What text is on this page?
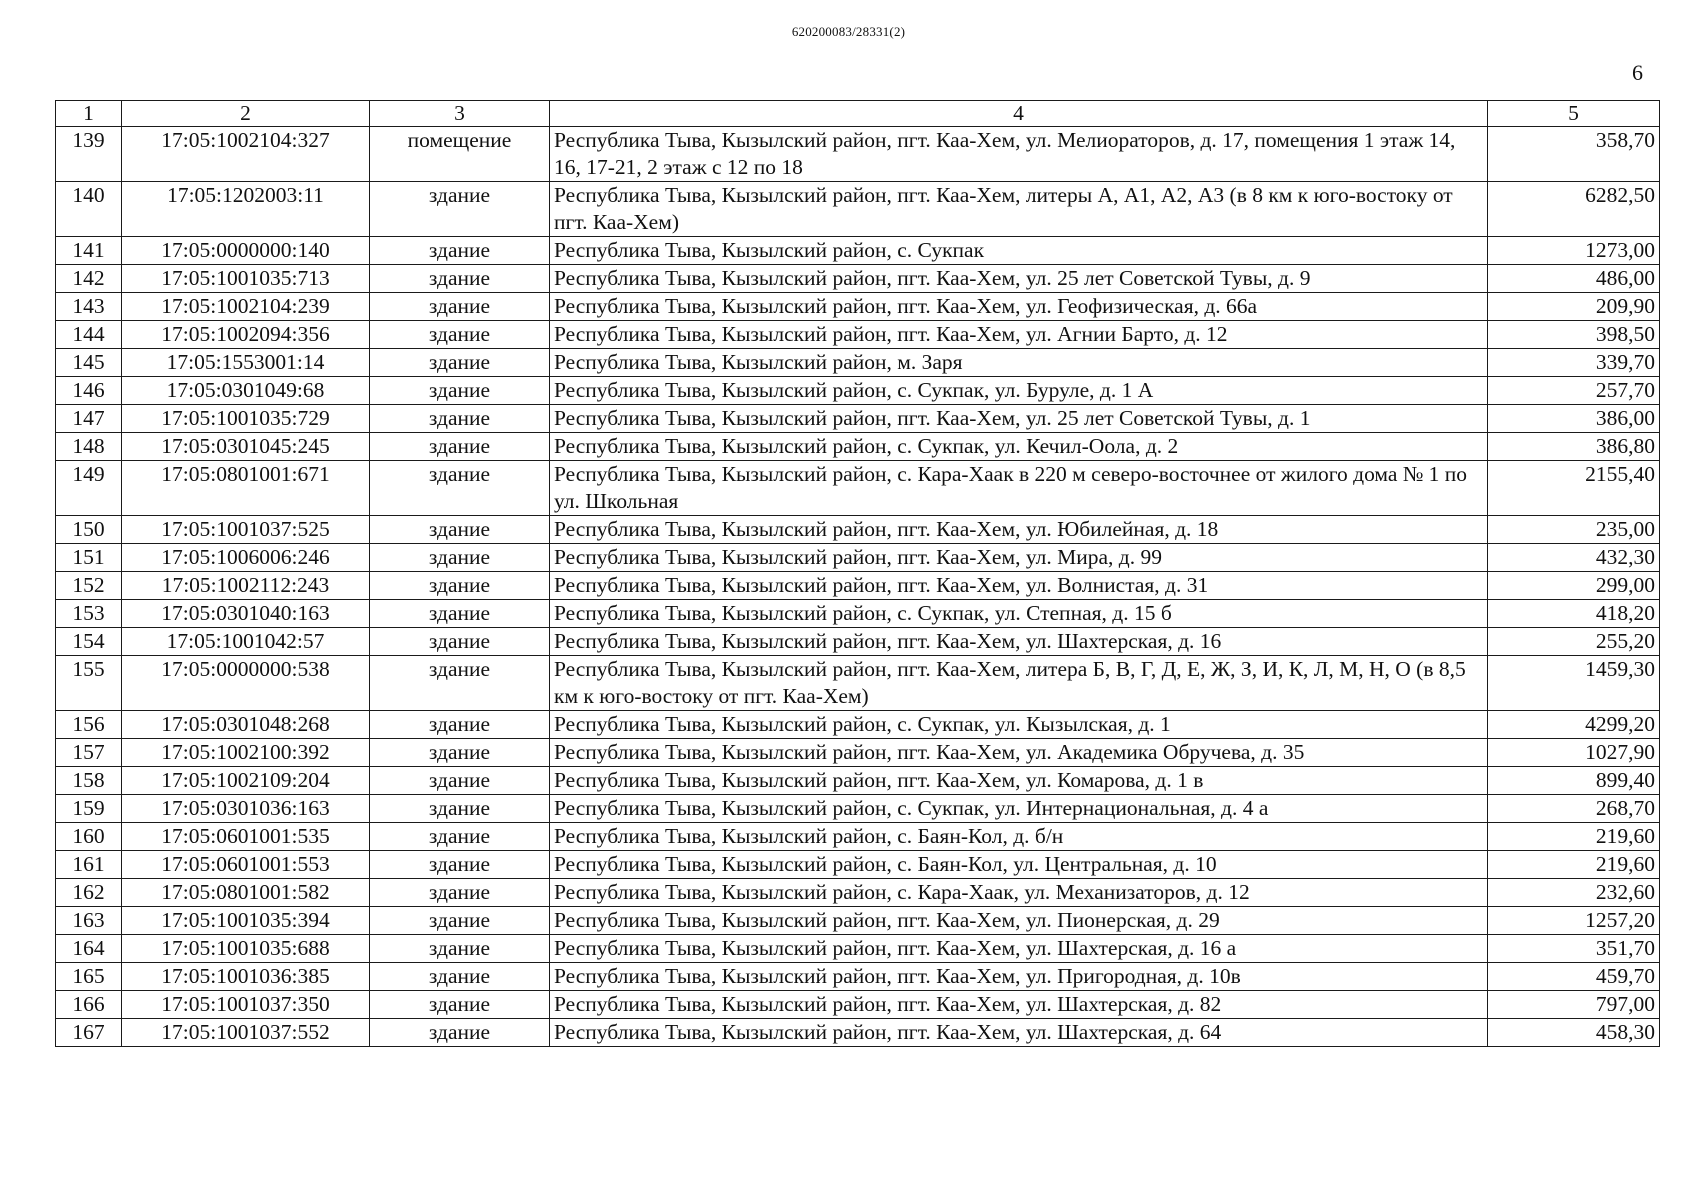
620200083/28331(2)
6
1	2	3	4	5

139	17:05:1002104:327	помещение	Республика Тыва, Кызылский район, пгт. Каа-Хем, ул. Мелиораторов, д. 17, помещения 1 этаж 14, 16, 17-21, 2 этаж с 12 по 18	358,70

140	17:05:1202003:11	здание	Республика Тыва, Кызылский район, пгт. Каа-Хем, литеры А, А1, А2, А3 (в 8 км к юго-востоку от пгт. Каа-Хем)	6282,50

141	17:05:0000000:140	здание	Республика Тыва, Кызылский район, с. Сукпак	1273,00

142	17:05:1001035:713	здание	Республика Тыва, Кызылский район, пгт. Каа-Хем, ул. 25 лет Советской Тувы, д. 9	486,00

143	17:05:1002104:239	здание	Республика Тыва, Кызылский район, пгт. Каа-Хем, ул. Геофизическая, д. 66а	209,90

144	17:05:1002094:356	здание	Республика Тыва, Кызылский район, пгт. Каа-Хем, ул. Агнии Барто, д. 12	398,50

145	17:05:1553001:14	здание	Республика Тыва, Кызылский район, м. Заря	339,70

146	17:05:0301049:68	здание	Республика Тыва, Кызылский район, с. Сукпак, ул. Буруле, д. 1 А	257,70

147	17:05:1001035:729	здание	Республика Тыва, Кызылский район, пгт. Каа-Хем, ул. 25 лет Советской Тувы, д. 1	386,00

148	17:05:0301045:245	здание	Республика Тыва, Кызылский район, с. Сукпак, ул. Кечил-Оола, д. 2	386,80

149	17:05:0801001:671	здание	Республика Тыва, Кызылский район, с. Кара-Хаак в 220 м северо-восточнее от жилого дома № 1 по ул. Школьная	2155,40

150	17:05:1001037:525	здание	Республика Тыва, Кызылский район, пгт. Каа-Хем, ул. Юбилейная, д. 18	235,00

151	17:05:1006006:246	здание	Республика Тыва, Кызылский район, пгт. Каа-Хем, ул. Мира, д. 99	432,30

152	17:05:1002112:243	здание	Республика Тыва, Кызылский район, пгт. Каа-Хем, ул. Волнистая, д. 31	299,00

153	17:05:0301040:163	здание	Республика Тыва, Кызылский район, с. Сукпак, ул. Степная, д. 15 б	418,20

154	17:05:1001042:57	здание	Республика Тыва, Кызылский район, пгт. Каа-Хем, ул. Шахтерская, д. 16	255,20

155	17:05:0000000:538	здание	Республика Тыва, Кызылский район, пгт. Каа-Хем, литера Б, В, Г, Д, Е, Ж, З, И, К, Л, М, Н, О (в 8,5 км к юго-востоку от пгт. Каа-Хем)	1459,30

156	17:05:0301048:268	здание	Республика Тыва, Кызылский район, с. Сукпак, ул. Кызылская, д. 1	4299,20

157	17:05:1002100:392	здание	Республика Тыва, Кызылский район, пгт. Каа-Хем, ул. Академика Обручева, д. 35	1027,90

158	17:05:1002109:204	здание	Республика Тыва, Кызылский район, пгт. Каа-Хем, ул. Комарова, д. 1 в	899,40

159	17:05:0301036:163	здание	Республика Тыва, Кызылский район, с. Сукпак, ул. Интернациональная, д. 4 а	268,70

160	17:05:0601001:535	здание	Республика Тыва, Кызылский район, с. Баян-Кол, д. б/н	219,60

161	17:05:0601001:553	здание	Республика Тыва, Кызылский район, с. Баян-Кол, ул. Центральная, д. 10	219,60

162	17:05:0801001:582	здание	Республика Тыва, Кызылский район, с. Кара-Хаак, ул. Механизаторов, д. 12	232,60

163	17:05:1001035:394	здание	Республика Тыва, Кызылский район, пгт. Каа-Хем, ул. Пионерская, д. 29	1257,20

164	17:05:1001035:688	здание	Республика Тыва, Кызылский район, пгт. Каа-Хем, ул. Шахтерская, д. 16 а	351,70

165	17:05:1001036:385	здание	Республика Тыва, Кызылский район, пгт. Каа-Хем, ул. Пригородная, д. 10в	459,70

166	17:05:1001037:350	здание	Республика Тыва, Кызылский район, пгт. Каа-Хем, ул. Шахтерская, д. 82	797,00

167	17:05:1001037:552	здание	Республика Тыва, Кызылский район, пгт. Каа-Хем, ул. Шахтерская, д. 64	458,30
